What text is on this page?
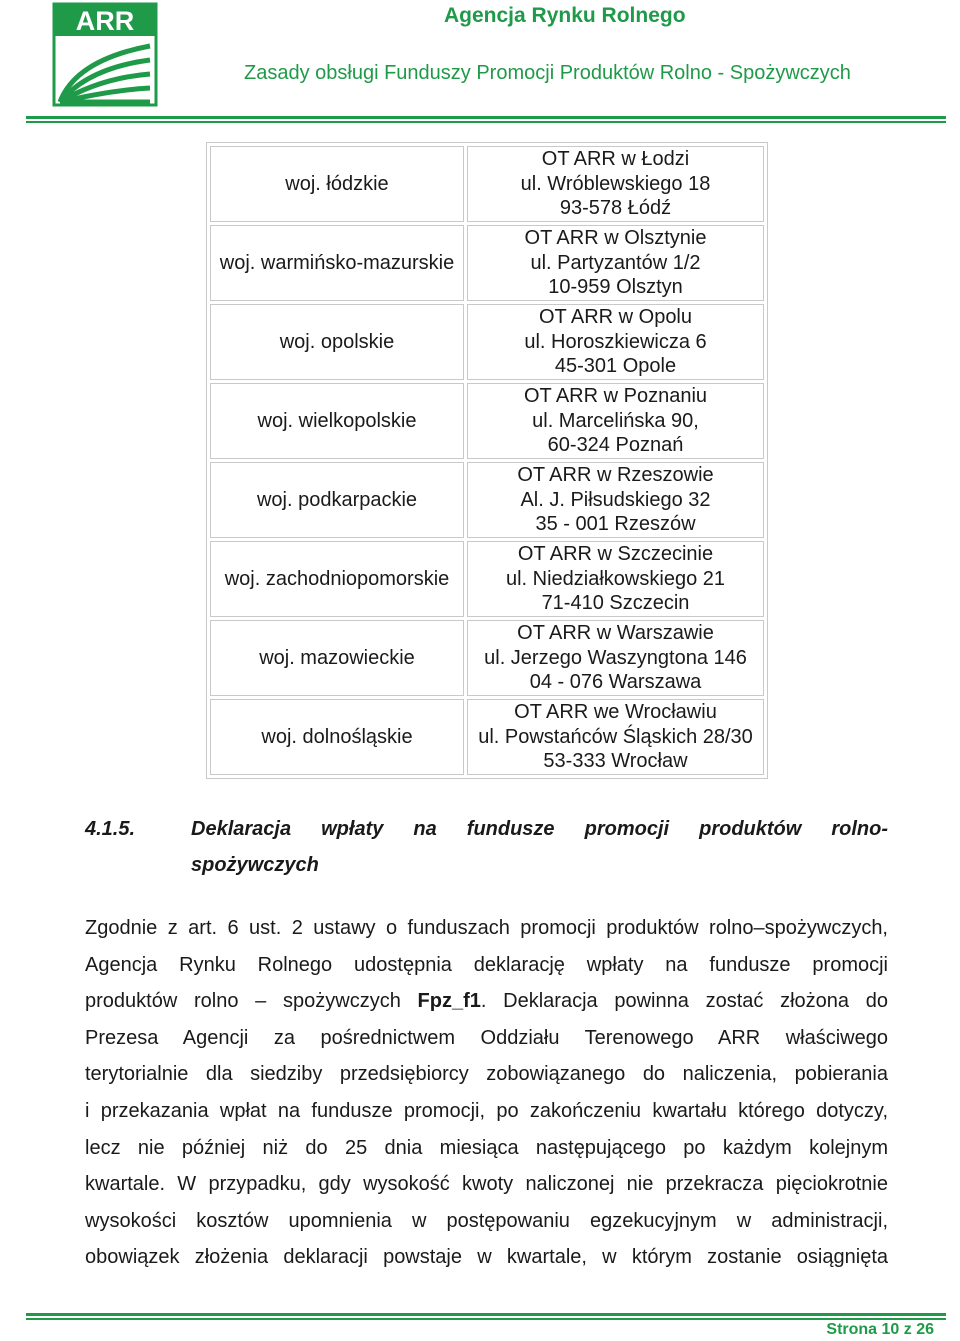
ARR	Agencja Rynku Rolnego
Zasady obsługi Funduszy Promocji Produktów Rolno - Spożywczych
woj. łódzkie	OT ARR w Łodzi
ul. Wróblewskiego 18
93-578 Łódź

woj. warmińsko-mazurskie	OT ARR w Olsztynie
ul. Partyzantów 1/2
10-959 Olsztyn

woj. opolskie	OT ARR w Opolu
ul. Horoszkiewicza 6
45-301 Opole

woj. wielkopolskie	OT ARR w Poznaniu
ul. Marcelińska 90,
60-324 Poznań

woj. podkarpackie	OT ARR w Rzeszowie
Al. J. Piłsudskiego 32
35 - 001 Rzeszów

woj. zachodniopomorskie	OT ARR w Szczecinie
ul. Niedziałkowskiego 21
71-410 Szczecin

woj. mazowieckie	OT ARR w Warszawie
ul. Jerzego Waszyngtona 146
04 - 076 Warszawa

woj. dolnośląskie	OT ARR we Wrocławiu
ul. Powstańców Śląskich 28/30
53-333 Wrocław
4.1.5.	Deklaracja wpłaty na fundusze promocji produktów rolno-
spożywczych
Zgodnie z art. 6 ust. 2 ustawy o funduszach promocji produktów rolno–spożywczych,
Agencja Rynku Rolnego udostępnia deklarację wpłaty na fundusze promocji
produktów rolno – spożywczych Fpz_f1. Deklaracja powinna zostać złożona do
Prezesa Agencji za pośrednictwem Oddziału Terenowego ARR właściwego
terytorialnie dla siedziby przedsiębiorcy zobowiązanego do naliczenia, pobierania
i przekazania wpłat na fundusze promocji, po zakończeniu kwartału którego dotyczy,
lecz nie później niż do 25 dnia miesiąca następującego po każdym kolejnym
kwartale. W przypadku, gdy wysokość kwoty naliczonej nie przekracza pięciokrotnie
wysokości kosztów upomnienia w postępowaniu egzekucyjnym w administracji,
obowiązek złożenia deklaracji powstaje w kwartale, w którym zostanie osiągnięta
Strona 10 z 26
